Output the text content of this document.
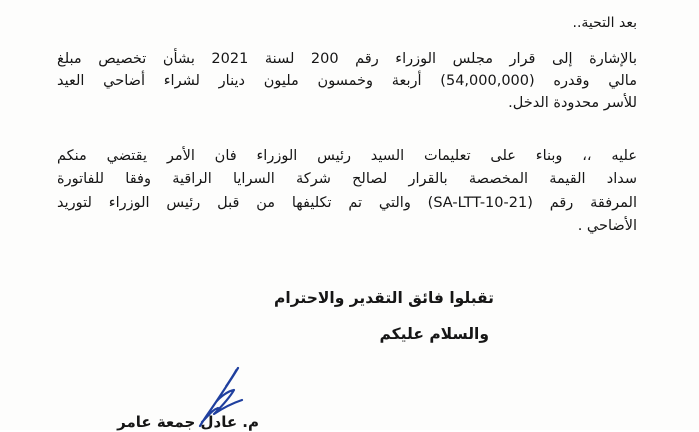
بعد التحية..
بالإشارة إلى قرار مجلس الوزراء رقم 200 لسنة 2021 بشأن تخصيص مبلغ
مالي وقدره (54,000,000) أربعة وخمسون مليون دينار لشراء أضاحي العيد
للأسر محدودة الدخل.
عليه ،، وبناء على تعليمات السيد رئيس الوزراء فان الأمر يقتضي منكم
سداد القيمة المخصصة بالقرار لصالح شركة السرايا الراقية وفقا للفاتورة
المرفقة رقم (SA-LTT-10-21) والتي تم تكليفها من قبل رئيس الوزراء لتوريد
الأضاحي .
تقبلوا فائق التقدير والاحترام
والسلام عليكم
م. عادل جمعة عامر
